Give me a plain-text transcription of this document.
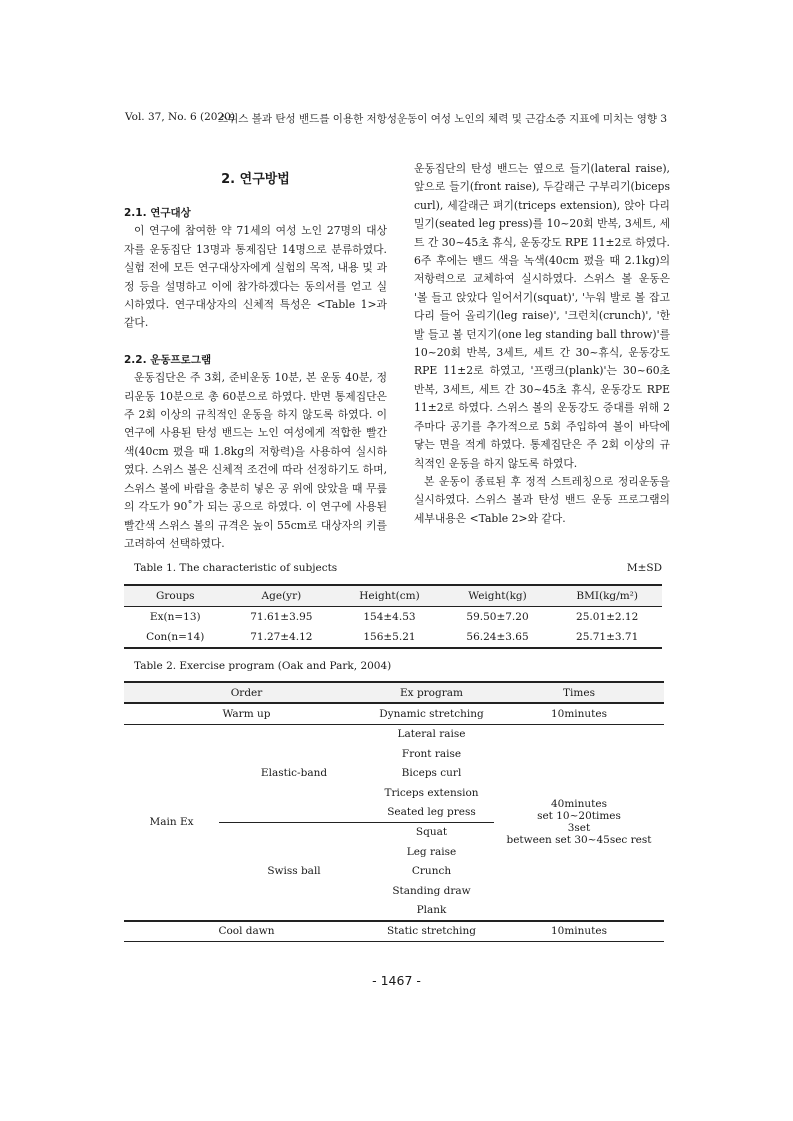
Vol. 37, No. 6 (2020)
스위스 볼과 탄성 밴드를 이용한 저항성운동이 여성 노인의 체력 및 근감소증 지표에 미치는 영향 3
2. 연구방법

2.1. 연구대상

이 연구에 참여한 약 71세의 여성 노인 27명의 대상자를 운동집단 13명과 통제집단 14명으로 분류하였다. 실험 전에 모든 연구대상자에게 실험의 목적, 내용 및 과정 등을 설명하고 이에 참가하겠다는 동의서를 얻고 실시하였다. 연구대상자의 신체적 특성은 <Table 1>과 같다.

2.2. 운동프로그램

운동집단은 주 3회, 준비운동 10분, 본 운동 40분, 정리운동 10분으로 총 60분으로 하였다. 반면 통제집단은 주 2회 이상의 규칙적인 운동을 하지 않도록 하였다. 이 연구에 사용된 탄성 밴드는 노인 여성에게 적합한 빨간색(40cm 폈을 때 1.8kg의 저항력)을 사용하여 실시하였다. 스위스 볼은 신체적 조건에 따라 선정하기도 하며, 스위스 볼에 바람을 충분히 넣은 공 위에 앉았을 때 무릎의 각도가 90˚가 되는 공으로 하였다. 이 연구에 사용된 빨간색 스위스 볼의 규격은 높이 55cm로 대상자의 키를 고려하여 선택하였다.

운동집단의 탄성 밴드는 옆으로 들기(lateral raise), 앞으로 들기(front raise), 두갈래근 구부리기(biceps curl), 세갈래근 펴기(triceps extension), 앉아 다리 밀기(seated leg press)를 10~20회 반복, 3세트, 세트 간 30~45초 휴식, 운동강도 RPE 11±2로 하였다. 6주 후에는 밴드 색을 녹색(40cm 폈을 때 2.1kg)의 저항력으로 교체하여 실시하였다. 스위스 볼 운동은 '볼 들고 앉았다 일어서기(squat)', '누워 발로 볼 잡고 다리 들어 올리기(leg raise)', '크런치(crunch)', '한 발 들고 볼 던지기(one leg standing ball throw)'를 10~20회 반복, 3세트, 세트 간 30~휴식, 운동강도 RPE 11±2로 하였고, '프랭크(plank)'는 30~60초 반복, 3세트, 세트 간 30~45초 휴식, 운동강도 RPE 11±2로 하였다. 스위스 볼의 운동강도 증대를 위해 2주마다 공기를 추가적으로 5회 주입하여 볼이 바닥에 닿는 면을 적게 하였다. 통제집단은 주 2회 이상의 규칙적인 운동을 하지 않도록 하였다.

본 운동이 종료된 후 정적 스트레칭으로 정리운동을 실시하였다. 스위스 볼과 탄성 밴드 운동 프로그램의 세부내용은 <Table 2>와 같다.

Table 1. The characteristic of subjects	M±SD
Groups	Age(yr)	Height(cm)	Weight(kg)	BMI(kg/m²)
Ex(n=13)	71.61±3.95	154±4.53	59.50±7.20	25.01±2.12
Con(n=14)	71.27±4.12	156±5.21	56.24±3.65	25.71±3.71
Table 2. Exercise program (Oak and Park, 2004)
Order		Ex program	Times
Warm up		Dynamic stretching	10minutes
Main Ex	Elastic-band	Lateral raise	40minutes
set 10~20times
3set
between set 30~45sec rest

		Front raise	
		Biceps curl	
		Triceps extension	
		Seated leg press	
	Swiss ball	Squat	
		Leg raise	
		Crunch	
		Standing draw	
		Plank	
Cool dawn		Static stretching	10minutes
- 1467 -
